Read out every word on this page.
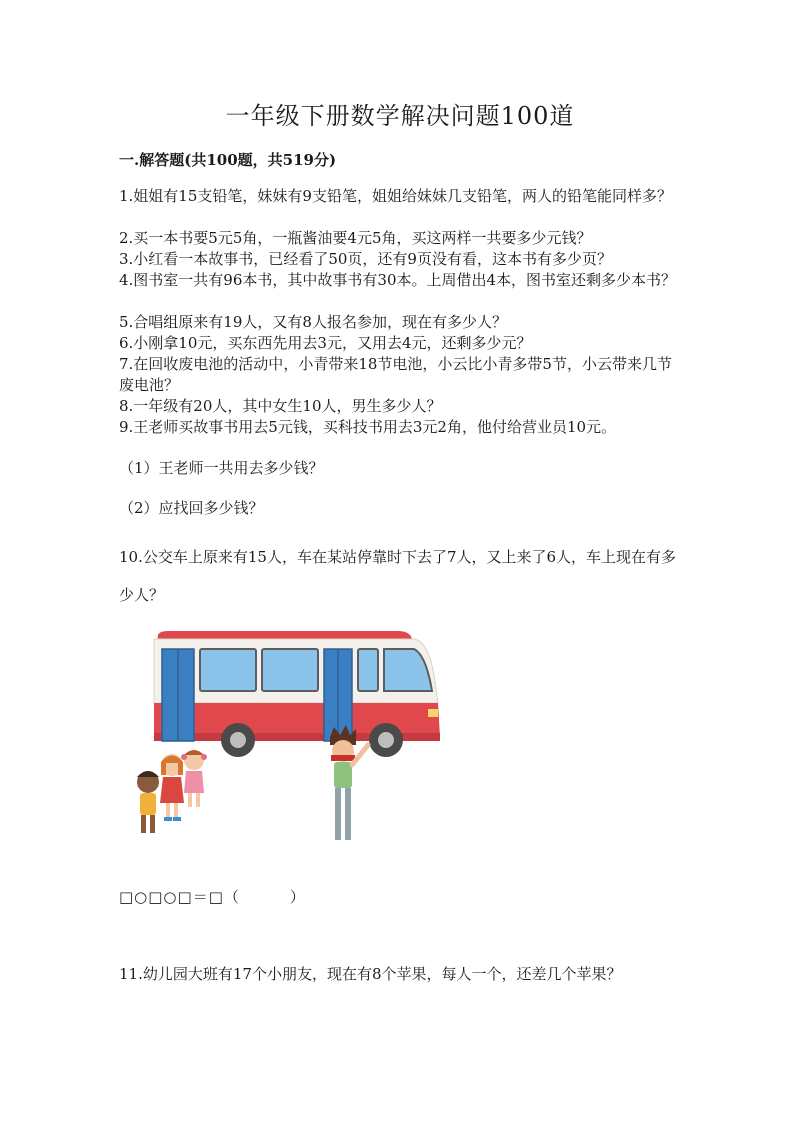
一年级下册数学解决问题100道
一.解答题(共100题，共519分)
1.姐姐有15支铅笔，妹妹有9支铅笔，姐姐给妹妹几支铅笔，两人的铅笔能同样多？
2.买一本书要5元5角，一瓶酱油要4元5角，买这两样一共要多少元钱？
3.小红看一本故事书，已经看了50页，还有9页没有看，这本书有多少页？
4.图书室一共有96本书，其中故事书有30本。上周借出4本，图书室还剩多少本书？
5.合唱组原来有19人，又有8人报名参加，现在有多少人？
6.小刚拿10元，买东西先用去3元，又用去4元，还剩多少元？
7.在回收废电池的活动中，小青带来18节电池，小云比小青多带5节，小云带来几节废电池？
8.一年级有20人，其中女生10人，男生多少人？
9.王老师买故事书用去5元钱，买科技书用去3元2角，他付给营业员10元。
（1）王老师一共用去多少钱？
（2）应找回多少钱？
10.公交车上原来有15人，车在某站停靠时下去了7人，又上来了6人，车上现在有多少人？
□○□○□＝□（	）
11.幼儿园大班有17个小朋友，现在有8个苹果，每人一个，还差几个苹果？
